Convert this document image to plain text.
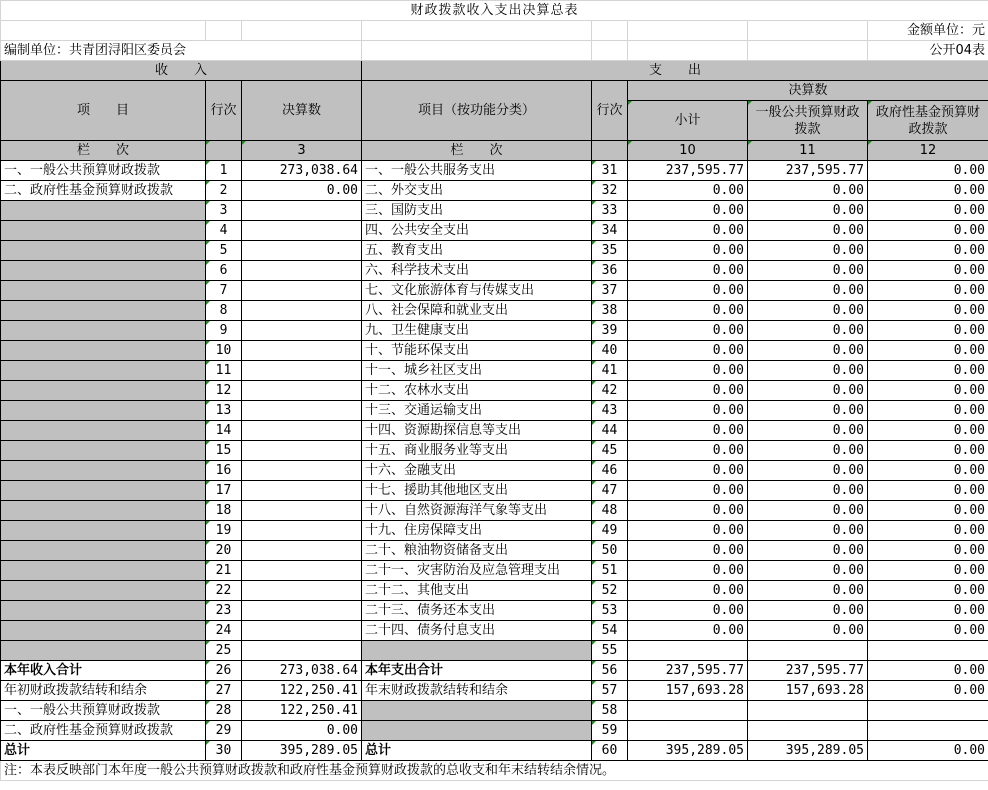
财政拨款收入支出决算总表							
							金额单位：元
编制单位：共青团浔阳区委员会							公开04表
收　　入			支　　出				
项　　目	行次	决算数	项目（按功能分类）	行次	决算数		
					小计	一般公共预算财政拨款	政府性基金预算财政拨款
栏　　次		3	栏　　次		10	11	12
一、一般公共预算财政拨款	1	273,038.64	一、一般公共服务支出	31	237,595.77	237,595.77	0.00
二、政府性基金预算财政拨款	2	0.00	二、外交支出	32	0.00	0.00	0.00
	3		三、国防支出	33	0.00	0.00	0.00
	4		四、公共安全支出	34	0.00	0.00	0.00
	5		五、教育支出	35	0.00	0.00	0.00
	6		六、科学技术支出	36	0.00	0.00	0.00
	7		七、文化旅游体育与传媒支出	37	0.00	0.00	0.00
	8		八、社会保障和就业支出	38	0.00	0.00	0.00
	9		九、卫生健康支出	39	0.00	0.00	0.00
	10		十、节能环保支出	40	0.00	0.00	0.00
	11		十一、城乡社区支出	41	0.00	0.00	0.00
	12		十二、农林水支出	42	0.00	0.00	0.00
	13		十三、交通运输支出	43	0.00	0.00	0.00
	14		十四、资源勘探信息等支出	44	0.00	0.00	0.00
	15		十五、商业服务业等支出	45	0.00	0.00	0.00
	16		十六、金融支出	46	0.00	0.00	0.00
	17		十七、援助其他地区支出	47	0.00	0.00	0.00
	18		十八、自然资源海洋气象等支出	48	0.00	0.00	0.00
	19		十九、住房保障支出	49	0.00	0.00	0.00
	20		二十、粮油物资储备支出	50	0.00	0.00	0.00
	21		二十一、灾害防治及应急管理支出	51	0.00	0.00	0.00
	22		二十二、其他支出	52	0.00	0.00	0.00
	23		二十三、债务还本支出	53	0.00	0.00	0.00
	24		二十四、债务付息支出	54	0.00	0.00	0.00
	25			55			
本年收入合计	26	273,038.64	本年支出合计	56	237,595.77	237,595.77	0.00
年初财政拨款结转和结余	27	122,250.41	年末财政拨款结转和结余	57	157,693.28	157,693.28	0.00
一、一般公共预算财政拨款	28	122,250.41		58			
二、政府性基金预算财政拨款	29	0.00		59			
总计	30	395,289.05	总计	60	395,289.05	395,289.05	0.00
注：本表反映部门本年度一般公共预算财政拨款和政府性基金预算财政拨款的总收支和年末结转结余情况。							
